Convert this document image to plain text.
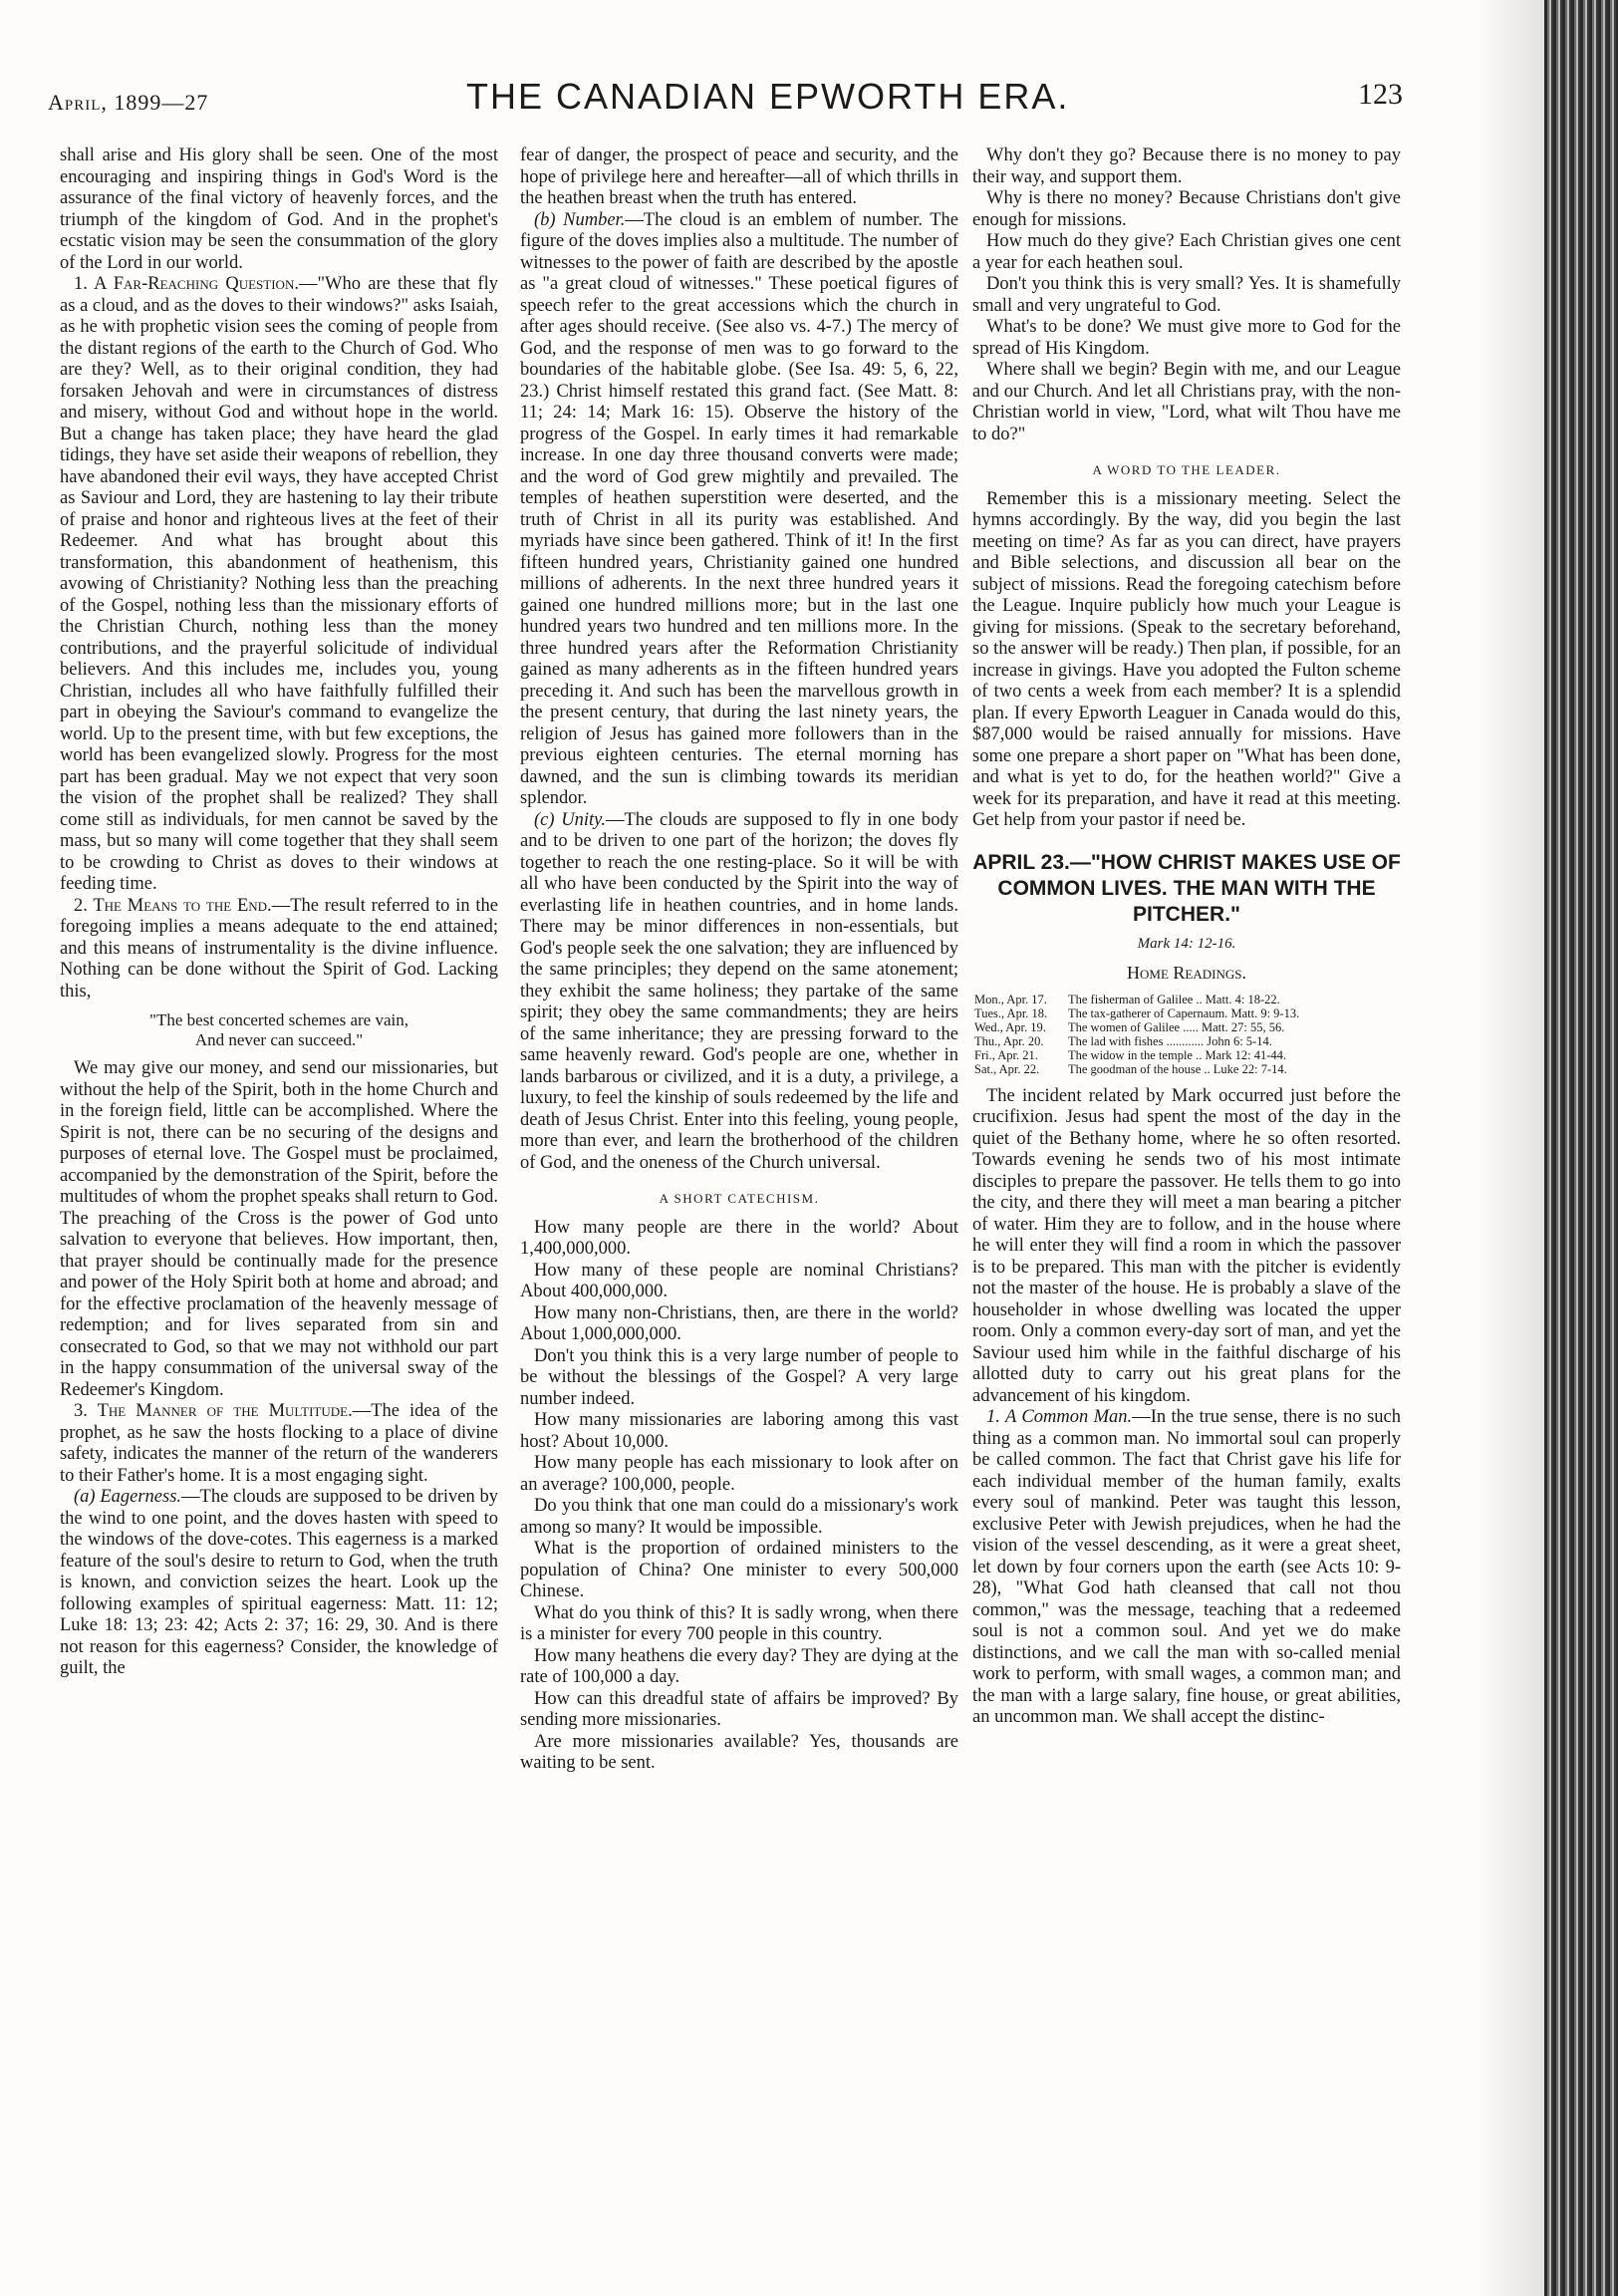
April, 1899—27	THE CANADIAN EPWORTH ERA.	123

shall arise and His glory shall be seen. One of the most encouraging and inspiring things in God's Word is the assurance of the final victory of heavenly forces, and the triumph of the kingdom of God. And in the prophet's ecstatic vision may be seen the consummation of the glory of the Lord in our world.

1. A Far-Reaching Question.—"Who are these that fly as a cloud, and as the doves to their windows?" asks Isaiah, as he with prophetic vision sees the coming of people from the distant regions of the earth to the Church of God. Who are they? Well, as to their original condition, they had forsaken Jehovah and were in circumstances of distress and misery, without God and without hope in the world. But a change has taken place; they have heard the glad tidings, they have set aside their weapons of rebellion, they have abandoned their evil ways, they have accepted Christ as Saviour and Lord, they are hastening to lay their tribute of praise and honor and righteous lives at the feet of their Redeemer. And what has brought about this transformation, this abandonment of heathenism, this avowing of Christianity? Nothing less than the preaching of the Gospel, nothing less than the missionary efforts of the Christian Church, nothing less than the money contributions, and the prayerful solicitude of individual believers. And this includes me, includes you, young Christian, includes all who have faithfully fulfilled their part in obeying the Saviour's command to evangelize the world. Up to the present time, with but few exceptions, the world has been evangelized slowly. Progress for the most part has been gradual. May we not expect that very soon the vision of the prophet shall be realized? They shall come still as individuals, for men cannot be saved by the mass, but so many will come together that they shall seem to be crowding to Christ as doves to their windows at feeding time.

2. The Means to the End.—The result referred to in the foregoing implies a means adequate to the end attained; and this means of instrumentality is the divine influence. Nothing can be done without the Spirit of God. Lacking this,

"The best concerted schemes are vain,
And never can succeed."

We may give our money, and send our missionaries, but without the help of the Spirit, both in the home Church and in the foreign field, little can be accomplished. Where the Spirit is not, there can be no securing of the designs and purposes of eternal love. The Gospel must be proclaimed, accompanied by the demonstration of the Spirit, before the multitudes of whom the prophet speaks shall return to God. The preaching of the Cross is the power of God unto salvation to everyone that believes. How important, then, that prayer should be continually made for the presence and power of the Holy Spirit both at home and abroad; and for the effective proclamation of the heavenly message of redemption; and for lives separated from sin and consecrated to God, so that we may not withhold our part in the happy consummation of the universal sway of the Redeemer's Kingdom.

3. The Manner of the Multitude.—The idea of the prophet, as he saw the hosts flocking to a place of divine safety, indicates the manner of the return of the wanderers to their Father's home. It is a most engaging sight.

(a) Eagerness.—The clouds are supposed to be driven by the wind to one point, and the doves hasten with speed to the windows of the dove-cotes. This eagerness is a marked feature of the soul's desire to return to God, when the truth is known, and conviction seizes the heart. Look up the following examples of spiritual eagerness: Matt. 11: 12; Luke 18: 13; 23: 42; Acts 2: 37; 16: 29, 30. And is there not reason for this eagerness? Consider, the knowledge of guilt, the

fear of danger, the prospect of peace and security, and the hope of privilege here and hereafter—all of which thrills in the heathen breast when the truth has entered.

(b) Number.—The cloud is an emblem of number. The figure of the doves implies also a multitude. The number of witnesses to the power of faith are described by the apostle as "a great cloud of witnesses." These poetical figures of speech refer to the great accessions which the church in after ages should receive. (See also vs. 4-7.) The mercy of God, and the response of men was to go forward to the boundaries of the habitable globe. (See Isa. 49: 5, 6, 22, 23.) Christ himself restated this grand fact. (See Matt. 8: 11; 24: 14; Mark 16: 15). Observe the history of the progress of the Gospel. In early times it had remarkable increase. In one day three thousand converts were made; and the word of God grew mightily and prevailed. The temples of heathen superstition were deserted, and the truth of Christ in all its purity was established. And myriads have since been gathered. Think of it! In the first fifteen hundred years, Christianity gained one hundred millions of adherents. In the next three hundred years it gained one hundred millions more; but in the last one hundred years two hundred and ten millions more. In the three hundred years after the Reformation Christianity gained as many adherents as in the fifteen hundred years preceding it. And such has been the marvellous growth in the present century, that during the last ninety years, the religion of Jesus has gained more followers than in the previous eighteen centuries. The eternal morning has dawned, and the sun is climbing towards its meridian splendor.

(c) Unity.—The clouds are supposed to fly in one body and to be driven to one part of the horizon; the doves fly together to reach the one resting-place. So it will be with all who have been conducted by the Spirit into the way of everlasting life in heathen countries, and in home lands. There may be minor differences in non-essentials, but God's people seek the one salvation; they are influenced by the same principles; they depend on the same atonement; they exhibit the same holiness; they partake of the same spirit; they obey the same commandments; they are heirs of the same inheritance; they are pressing forward to the same heavenly reward. God's people are one, whether in lands barbarous or civilized, and it is a duty, a privilege, a luxury, to feel the kinship of souls redeemed by the life and death of Jesus Christ. Enter into this feeling, young people, more than ever, and learn the brotherhood of the children of God, and the oneness of the Church universal.

A SHORT CATECHISM.

How many people are there in the world? About 1,400,000,000.

How many of these people are nominal Christians? About 400,000,000.

How many non-Christians, then, are there in the world? About 1,000,000,000.

Don't you think this is a very large number of people to be without the blessings of the Gospel? A very large number indeed.

How many missionaries are laboring among this vast host? About 10,000.

How many people has each missionary to look after on an average? 100,000, people.

Do you think that one man could do a missionary's work among so many? It would be impossible.

What is the proportion of ordained ministers to the population of China? One minister to every 500,000 Chinese.

What do you think of this? It is sadly wrong, when there is a minister for every 700 people in this country.

How many heathens die every day? They are dying at the rate of 100,000 a day.

How can this dreadful state of affairs be improved? By sending more missionaries.

Are more missionaries available? Yes, thousands are waiting to be sent.

Why don't they go? Because there is no money to pay their way, and support them.

Why is there no money? Because Christians don't give enough for missions.

How much do they give? Each Christian gives one cent a year for each heathen soul.

Don't you think this is very small? Yes. It is shamefully small and very ungrateful to God.

What's to be done? We must give more to God for the spread of His Kingdom.

Where shall we begin? Begin with me, and our League and our Church. And let all Christians pray, with the non-Christian world in view, "Lord, what wilt Thou have me to do?"

A WORD TO THE LEADER.

Remember this is a missionary meeting. Select the hymns accordingly. By the way, did you begin the last meeting on time? As far as you can direct, have prayers and Bible selections, and discussion all bear on the subject of missions. Read the foregoing catechism before the League. Inquire publicly how much your League is giving for missions. (Speak to the secretary beforehand, so the answer will be ready.) Then plan, if possible, for an increase in givings. Have you adopted the Fulton scheme of two cents a week from each member? It is a splendid plan. If every Epworth Leaguer in Canada would do this, $87,000 would be raised annually for missions. Have some one prepare a short paper on "What has been done, and what is yet to do, for the heathen world?" Give a week for its preparation, and have it read at this meeting. Get help from your pastor if need be.

APRIL 23.—"HOW CHRIST MAKES USE OF COMMON LIVES. THE MAN WITH THE PITCHER."
Mark 14: 12-16.
Home Readings.
Mon., Apr. 17.	The fisherman of Galilee .. Matt. 4: 18-22.
Tues., Apr. 18.	The tax-gatherer of Capernaum. Matt. 9: 9-13.
Wed., Apr. 19.	The women of Galilee ..... Matt. 27: 55, 56.
Thu., Apr. 20.	The lad with fishes ............ John 6: 5-14.
Fri., Apr. 21.	The widow in the temple .. Mark 12: 41-44.
Sat., Apr. 22.	The goodman of the house .. Luke 22: 7-14.

The incident related by Mark occurred just before the crucifixion. Jesus had spent the most of the day in the quiet of the Bethany home, where he so often resorted. Towards evening he sends two of his most intimate disciples to prepare the passover. He tells them to go into the city, and there they will meet a man bearing a pitcher of water. Him they are to follow, and in the house where he will enter they will find a room in which the passover is to be prepared. This man with the pitcher is evidently not the master of the house. He is probably a slave of the householder in whose dwelling was located the upper room. Only a common every-day sort of man, and yet the Saviour used him while in the faithful discharge of his allotted duty to carry out his great plans for the advancement of his kingdom.

1. A Common Man.—In the true sense, there is no such thing as a common man. No immortal soul can properly be called common. The fact that Christ gave his life for each individual member of the human family, exalts every soul of mankind. Peter was taught this lesson, exclusive Peter with Jewish prejudices, when he had the vision of the vessel descending, as it were a great sheet, let down by four corners upon the earth (see Acts 10: 9-28), "What God hath cleansed that call not thou common," was the message, teaching that a redeemed soul is not a common soul. And yet we do make distinctions, and we call the man with so-called menial work to perform, with small wages, a common man; and the man with a large salary, fine house, or great abilities, an uncommon man. We shall accept the distinc-
